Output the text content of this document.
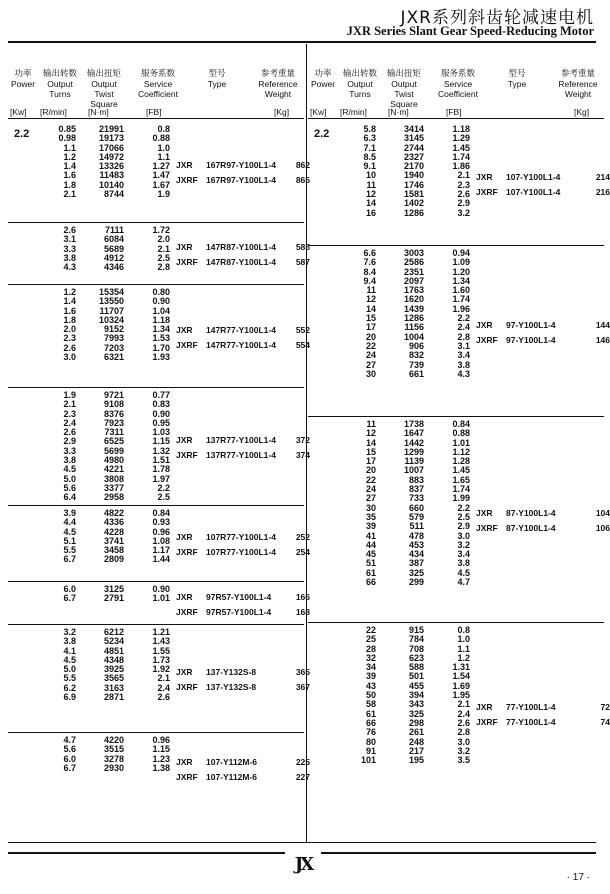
JXR系列斜齿轮减速电机
JXR Series Slant Gear Speed-Reducing Motor
功率
Power
输出转数
Output
Turns
输出扭矩
Output
Twist
Square
服务系数
Service
Coefficient
型号
Type
参考重量
Reference
Weight
[Kw] [R/min] [N·m]	[FB]	[Kg]
2.2	0.85	21991	0.8
0.98	19173	0.88
1.1	17066	1.0
1.2	14972	1.1
1.4	13326	1.27
1.6	11483	1.47
1.8	10140	1.67
2.1	8744	1.9
JXR 167R97-Y100L1-4 862
JXRF 167R97-Y100L1-4 865
2.6	7111	1.72
3.1	6084	2.0
3.3	5689	2.1
3.8	4912	2.5
4.3	4346	2.8
JXR 147R87-Y100L1-4 585
JXRF 147R87-Y100L1-4 587
1.2	15354	0.80
1.4	13550	0.90
1.6	11707	1.04
1.8	10324	1.18
2.0	9152	1.34
2.3	7993	1.53
2.6	7203	1.70
3.0	6321	1.93
JXR 147R77-Y100L1-4 552
JXRF 147R77-Y100L1-4 554
1.9	9721	0.77
2.1	9108	0.83
2.3	8376	0.90
2.4	7923	0.95
2.6	7311	1.03
2.9	6525	1.15
3.3	5699	1.32
3.8	4980	1.51
4.5	4221	1.78
5.0	3808	1.97
5.6	3377	2.2
6.4	2958	2.5
JXR 137R77-Y100L1-4 372
JXRF 137R77-Y100L1-4 374
3.9	4822	0.84
4.4	4336	0.93
4.5	4228	0.96
5.1	3741	1.08
5.5	3458	1.17
6.7	2809	1.44
JXR 107R77-Y100L1-4 252
JXRF 107R77-Y100L1-4 254
6.0	3125	0.90
6.7	2791	1.01 JXR 97R57-Y100L1-4	166
JXRF 97R57-Y100L1-4	168
3.2	6212	1.21
3.8	5234	1.43
4.1	4851	1.55
4.5	4348	1.73
5.0	3925	1.92
5.5	3565	2.1
6.2	3163	2.4
6.9	2871	2.6
JXR 137-Y132S-8	365
JXRF 137-Y132S-8	367
4.7	4220	0.96
5.6	3515	1.15
6.0	3278	1.23
6.7	2930	1.38
JXR 107-Y112M-6	225
JXRF 107-Y112M-6	227
功率
Power
输出转数
Output
Turns
输出扭矩
Output
Twist
Square
服务系数
Service
Coefficient
型号
Type
参考重量
Reference
Weight
[Kw] [R/min] [N·m]	[FB]	[Kg]
2.2	5.8	3414	1.18
6.3	3145	1.29
7.1	2744	1.45
8.5	2327	1.74
9.1	2170	1.86
10	1940	2.1
11	1746	2.3
12	1581	2.6
14	1402	2.9
16	1286	3.2
JXR 107-Y100L1-4	214
JXRF 107-Y100L1-4	216
6.6	3003	0.94
7.6	2586	1.09
8.4	2351	1.20
9.4	2097	1.34
11	1763	1.60
12	1620	1.74
14	1439	1.96
15	1286	2.2
17	1156	2.4
20	1004	2.8
22	906	3.1
24	832	3.4
27	739	3.8
30	661	4.3
JXR 97-Y100L1-4	144
JXRF 97-Y100L1-4	146
11	1738	0.84
12	1647	0.88
14	1442	1.01
15	1299	1.12
17	1139	1.28
20	1007	1.45
22	883	1.65
24	837	1.74
27	733	1.99
30	660	2.2
35	579	2.5
39	511	2.9
41	478	3.0
44	453	3.2
45	434	3.4
51	387	3.8
61	325	4.5
66	299	4.7
JXR 87-Y100L1-4	104
JXRF 87-Y100L1-4	106
22	915	0.8
25	784	1.0
28	708	1.1
32	623	1.2
34	588	1.31
39	501	1.54
43	455	1.69
50	394	1.95
58	343	2.1
61	325	2.4
66	298	2.6
76	261	2.8
80	248	3.0
91	217	3.2
101	195	3.5
JXR 77-Y100L1-4	72
JXRF 77-Y100L1-4	74
JX
· 17 ·
